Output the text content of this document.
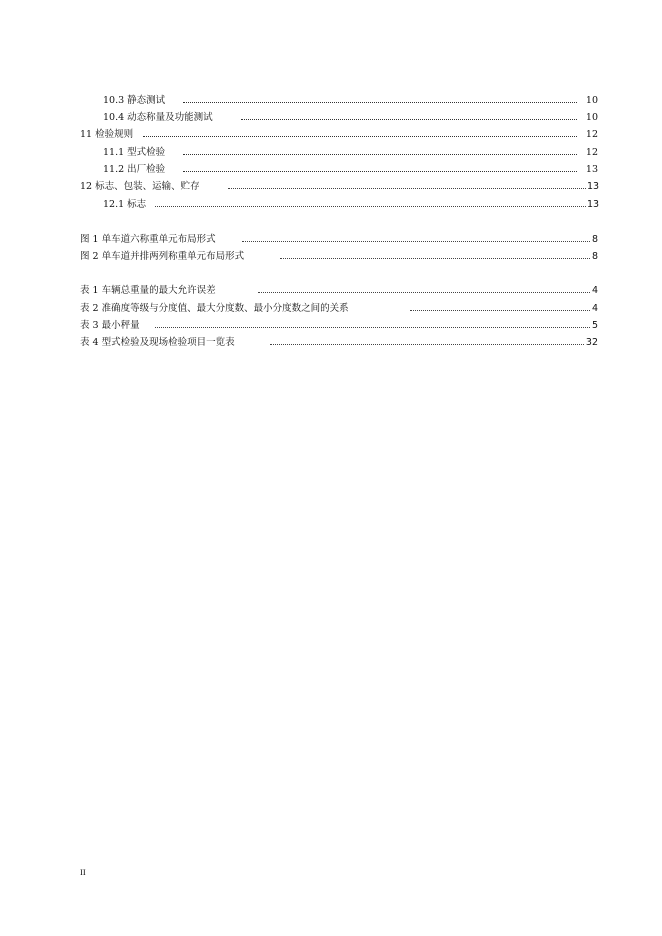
10.3 静态测试	10
10.4 动态称量及功能测试	10
11 检验规则	12
11.1 型式检验	12
11.2 出厂检验	13
12 标志、包装、运输、贮存	13
12.1 标志	13
图 1 单车道六称重单元布局形式	8
图 2 单车道并排两列称重单元布局形式	8
表 1 车辆总重量的最大允许误差	4
表 2 准确度等级与分度值、最大分度数、最小分度数之间的关系	4
表 3 最小秤量	5
表 4 型式检验及现场检验项目一览表	32
II
